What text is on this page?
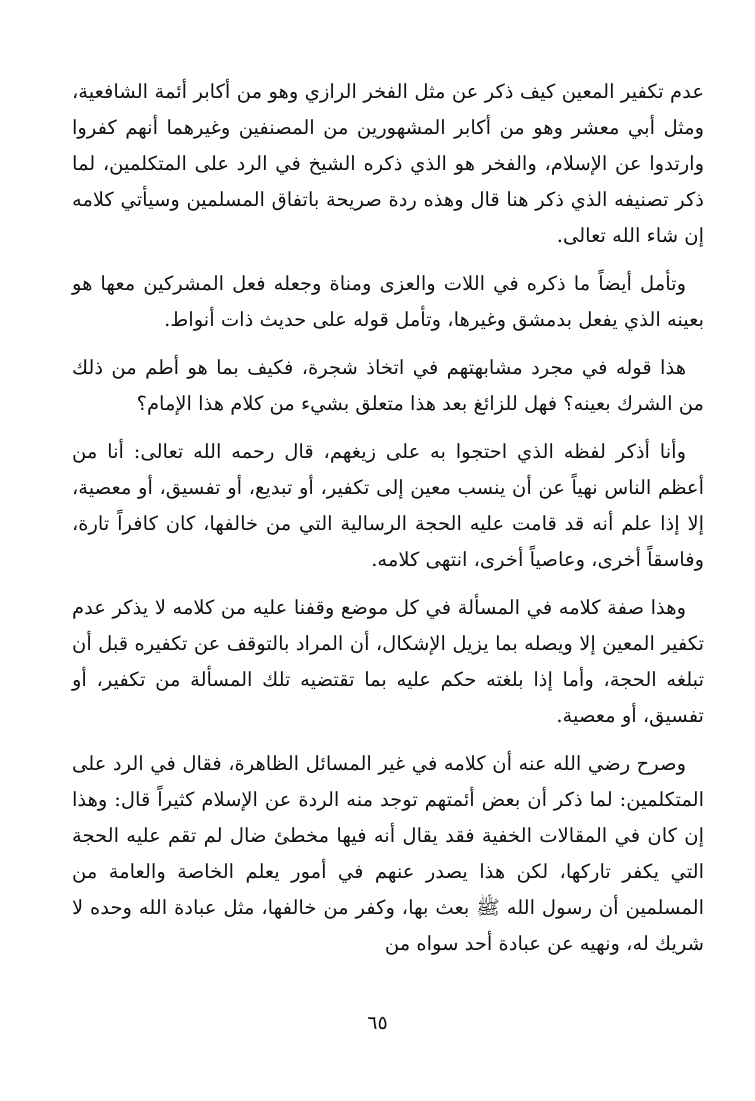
عدم تكفير المعين كيف ذكر عن مثل الفخر الرازي وهو من أكابر أئمة الشافعية، ومثل أبي معشر وهو من أكابر المشهورين من المصنفين وغيرهما أنهم كفروا وارتدوا عن الإسلام، والفخر هو الذي ذكره الشيخ في الرد على المتكلمين، لما ذكر تصنيفه الذي ذكر هنا قال وهذه ردة صريحة باتفاق المسلمين وسيأتي كلامه إن شاء الله تعالى.

وتأمل أيضاً ما ذكره في اللات والعزى ومناة وجعله فعل المشركين معها هو بعينه الذي يفعل بدمشق وغيرها، وتأمل قوله على حديث ذات أنواط.

هذا قوله في مجرد مشابهتهم في اتخاذ شجرة، فكيف بما هو أطم من ذلك من الشرك بعينه؟ فهل للزائغ بعد هذا متعلق بشيء من كلام هذا الإمام؟

وأنا أذكر لفظه الذي احتجوا به على زيغهم، قال رحمه الله تعالى: أنا من أعظم الناس نهياً عن أن ينسب معين إلى تكفير، أو تبديع، أو تفسيق، أو معصية، إلا إذا علم أنه قد قامت عليه الحجة الرسالية التي من خالفها، كان كافراً تارة، وفاسقاً أخرى، وعاصياً أخرى، انتهى كلامه.

وهذا صفة كلامه في المسألة في كل موضع وقفنا عليه من كلامه لا يذكر عدم تكفير المعين إلا ويصله بما يزيل الإشكال، أن المراد بالتوقف عن تكفيره قبل أن تبلغه الحجة، وأما إذا بلغته حكم عليه بما تقتضيه تلك المسألة من تكفير، أو تفسيق، أو معصية.

وصرح رضي الله عنه أن كلامه في غير المسائل الظاهرة، فقال في الرد على المتكلمين: لما ذكر أن بعض أئمتهم توجد منه الردة عن الإسلام كثيراً قال: وهذا إن كان في المقالات الخفية فقد يقال أنه فيها مخطئ ضال لم تقم عليه الحجة التي يكفر تاركها، لكن هذا يصدر عنهم في أمور يعلم الخاصة والعامة من المسلمين أن رسول الله ﷺ بعث بها، وكفر من خالفها، مثل عبادة الله وحده لا شريك له، ونهيه عن عبادة أحد سواه من

٦٥
